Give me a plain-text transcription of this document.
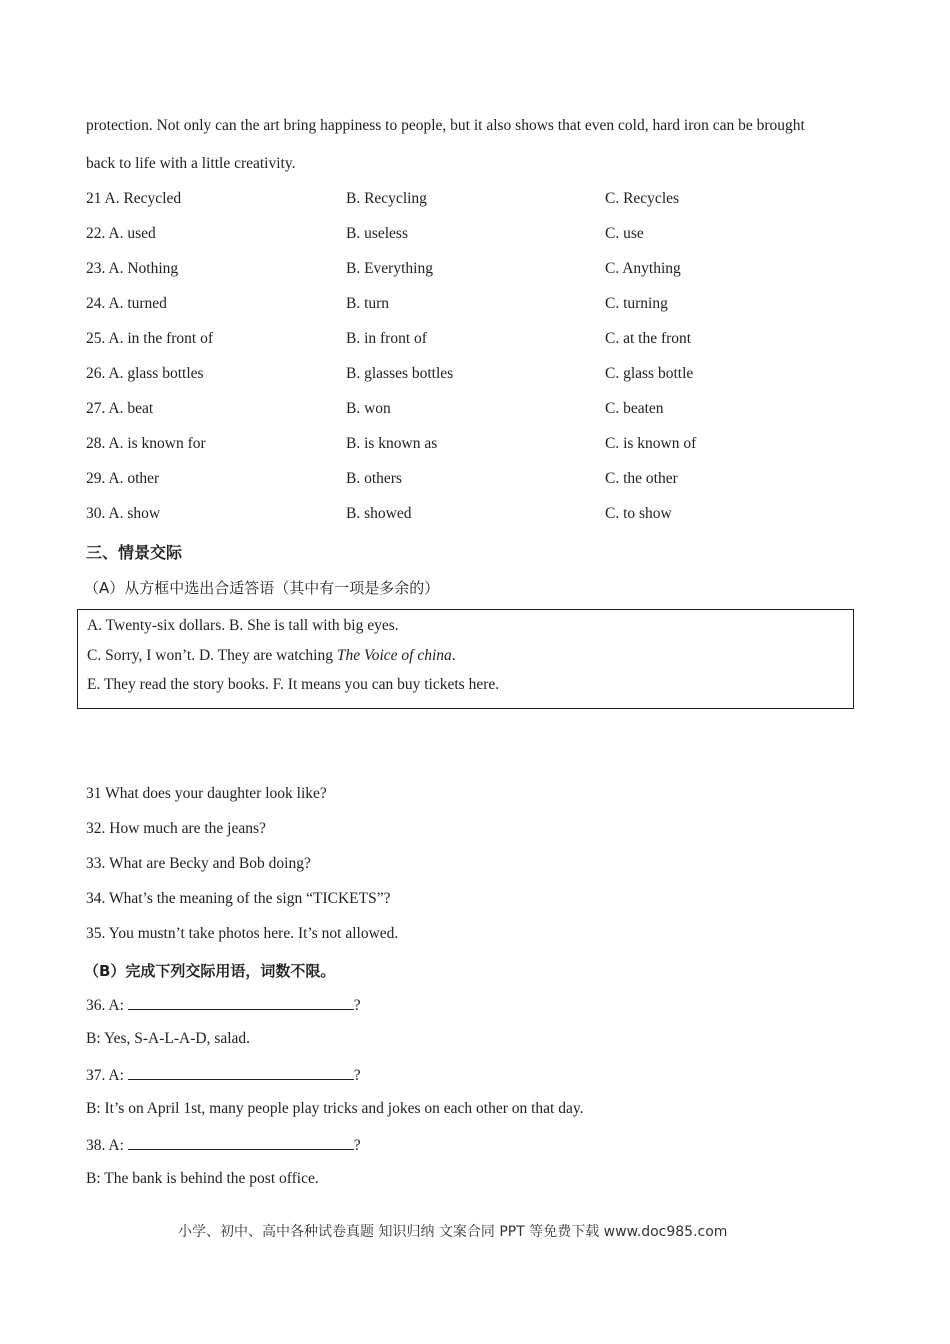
protection. Not only can the art bring happiness to people, but it also shows that even cold, hard iron can be brought
back to life with a little creativity.
21 A. Recycled	B. Recycling	C. Recycles
22. A. used	B. useless	C. use
23. A. Nothing	B. Everything	C. Anything
24. A. turned	B. turn	C. turning
25. A. in the front of	B. in front of	C. at the front
26. A. glass bottles	B. glasses bottles	C. glass bottle
27. A. beat	B. won	C. beaten
28. A. is known for	B. is known as	C. is known of
29. A. other	B. others	C. the other
30. A. show	B. showed	C. to show
三、情景交际
（A）从方框中选出合适答语（其中有一项是多余的）
A. Twenty-six dollars. B. She is tall with big eyes.
C. Sorry, I won’t. D. They are watching The Voice of china.
E. They read the story books. F. It means you can buy tickets here.
31 What does your daughter look like?
32. How much are the jeans?
33. What are Becky and Bob doing?
34. What’s the meaning of the sign “TICKETS”?
35. You mustn’t take photos here. It’s not allowed.
（B）完成下列交际用语，词数不限。
36. A:	?
B: Yes, S-A-L-A-D, salad.
37. A:	?
B: It’s on April 1st, many people play tricks and jokes on each other on that day.
38. A:	?
B: The bank is behind the post office.
小学、初中、高中各种试卷真题 知识归纳 文案合同 PPT 等免费下载 www.doc985.com
